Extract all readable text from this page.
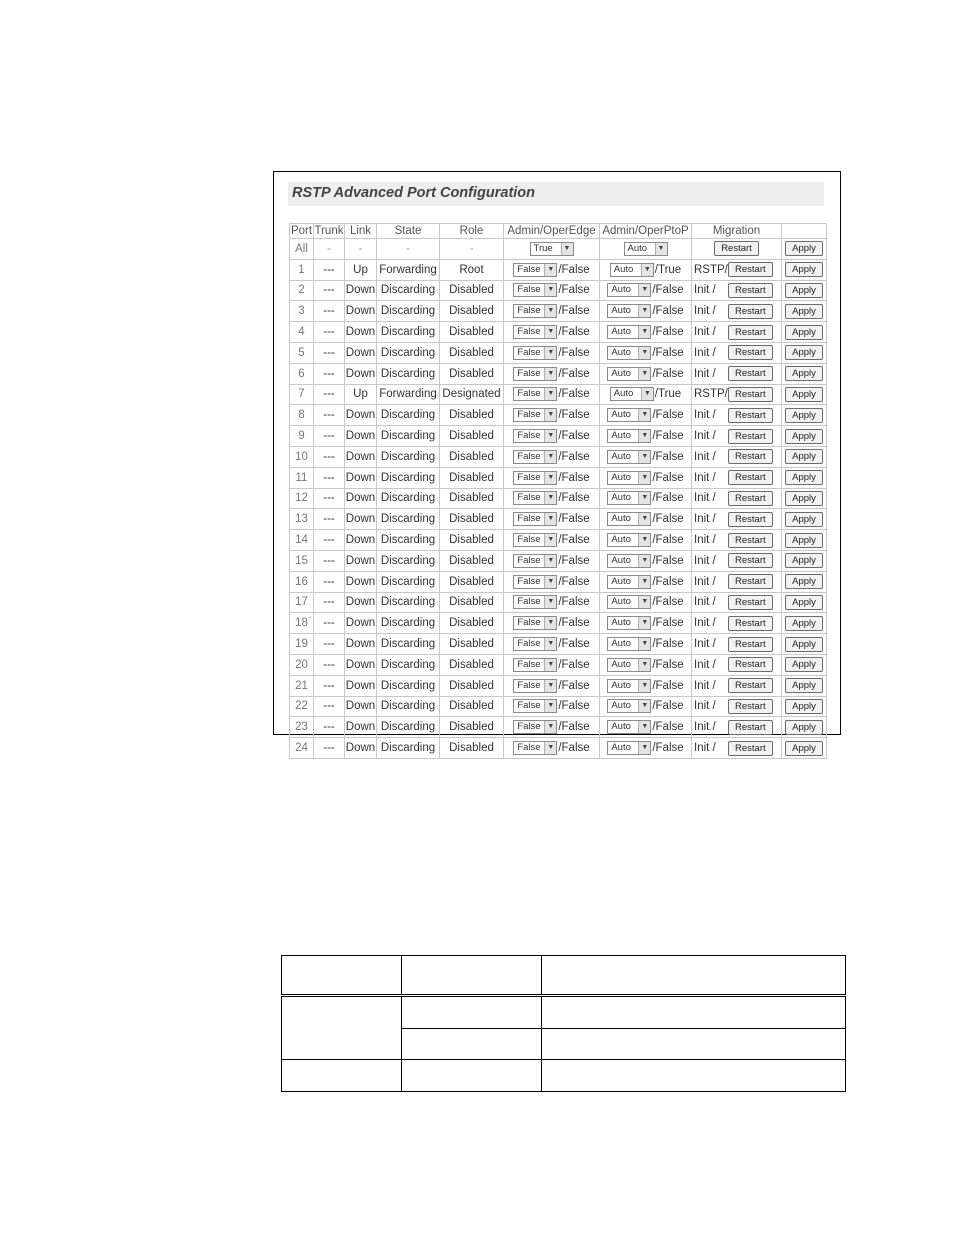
RSTP Advanced Port Configuration
Port	Trunk	Link	State	Role	Admin/OperEdge	Admin/OperPtoP	Migration	
All	-	-	-	-	True ▼	Auto ▼	Restart	Apply
1	---	Up	Forwarding	Root	False ▼ /False	Auto ▼ /True	RSTP/ Restart	Apply
2	---	Down	Discarding	Disabled	False ▼ /False	Auto ▼ /False	Init / Restart	Apply
3	---	Down	Discarding	Disabled	False ▼ /False	Auto ▼ /False	Init / Restart	Apply
4	---	Down	Discarding	Disabled	False ▼ /False	Auto ▼ /False	Init / Restart	Apply
5	---	Down	Discarding	Disabled	False ▼ /False	Auto ▼ /False	Init / Restart	Apply
6	---	Down	Discarding	Disabled	False ▼ /False	Auto ▼ /False	Init / Restart	Apply
7	---	Up	Forwarding	Designated	False ▼ /False	Auto ▼ /True	RSTP/ Restart	Apply
8	---	Down	Discarding	Disabled	False ▼ /False	Auto ▼ /False	Init / Restart	Apply
9	---	Down	Discarding	Disabled	False ▼ /False	Auto ▼ /False	Init / Restart	Apply
10	---	Down	Discarding	Disabled	False ▼ /False	Auto ▼ /False	Init / Restart	Apply
11	---	Down	Discarding	Disabled	False ▼ /False	Auto ▼ /False	Init / Restart	Apply
12	---	Down	Discarding	Disabled	False ▼ /False	Auto ▼ /False	Init / Restart	Apply
13	---	Down	Discarding	Disabled	False ▼ /False	Auto ▼ /False	Init / Restart	Apply
14	---	Down	Discarding	Disabled	False ▼ /False	Auto ▼ /False	Init / Restart	Apply
15	---	Down	Discarding	Disabled	False ▼ /False	Auto ▼ /False	Init / Restart	Apply
16	---	Down	Discarding	Disabled	False ▼ /False	Auto ▼ /False	Init / Restart	Apply
17	---	Down	Discarding	Disabled	False ▼ /False	Auto ▼ /False	Init / Restart	Apply
18	---	Down	Discarding	Disabled	False ▼ /False	Auto ▼ /False	Init / Restart	Apply
19	---	Down	Discarding	Disabled	False ▼ /False	Auto ▼ /False	Init / Restart	Apply
20	---	Down	Discarding	Disabled	False ▼ /False	Auto ▼ /False	Init / Restart	Apply
21	---	Down	Discarding	Disabled	False ▼ /False	Auto ▼ /False	Init / Restart	Apply
22	---	Down	Discarding	Disabled	False ▼ /False	Auto ▼ /False	Init / Restart	Apply
23	---	Down	Discarding	Disabled	False ▼ /False	Auto ▼ /False	Init / Restart	Apply
24	---	Down	Discarding	Disabled	False ▼ /False	Auto ▼ /False	Init / Restart	Apply
